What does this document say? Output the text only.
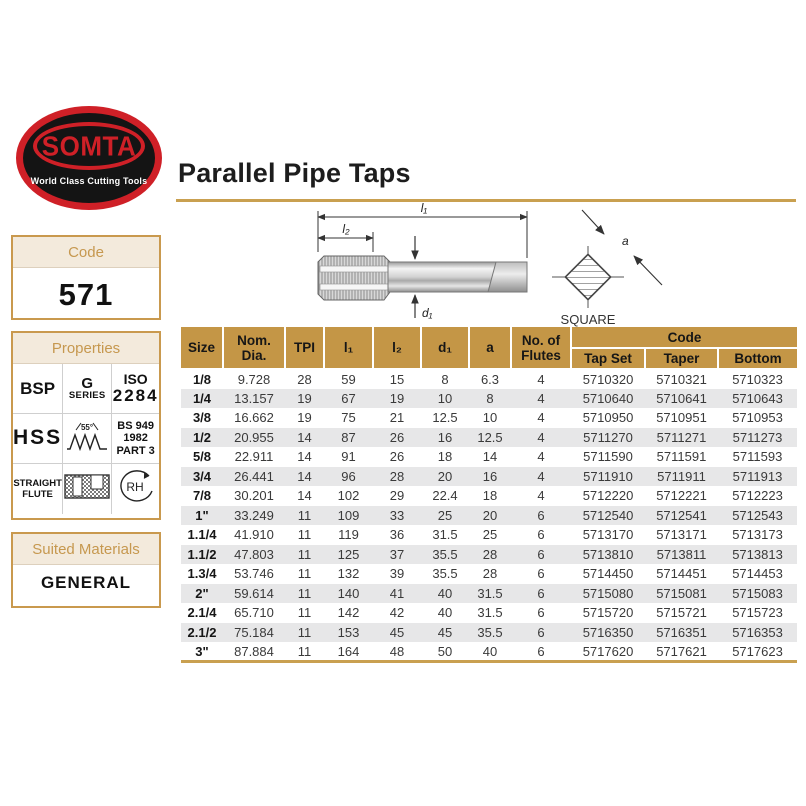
SOMTA
World Class Cutting Tools Parallel Pipe Taps
l₁
l₂
d₁
a
SQUARE
Code
571
Properties
BSP G
SERIES
ISO
2284
HSS 55° BS 949
1982
PART 3
STRAIGHT
FLUTE
RH
Suited Materials
GENERAL
Size	Nom. Dia.	TPI	l₁	l₂	d₁	a	No. of Flutes	Code		
								Tap Set	Taper	Bottom
1/8	9.728	28	59	15	8	6.3	4	5710320	5710321	5710323
1/4	13.157	19	67	19	10	8	4	5710640	5710641	5710643
3/8	16.662	19	75	21	12.5	10	4	5710950	5710951	5710953
1/2	20.955	14	87	26	16	12.5	4	5711270	5711271	5711273
5/8	22.911	14	91	26	18	14	4	5711590	5711591	5711593
3/4	26.441	14	96	28	20	16	4	5711910	5711911	5711913
7/8	30.201	14	102	29	22.4	18	4	5712220	5712221	5712223
1"	33.249	11	109	33	25	20	6	5712540	5712541	5712543
1.1/4	41.910	11	119	36	31.5	25	6	5713170	5713171	5713173
1.1/2	47.803	11	125	37	35.5	28	6	5713810	5713811	5713813
1.3/4	53.746	11	132	39	35.5	28	6	5714450	5714451	5714453
2"	59.614	11	140	41	40	31.5	6	5715080	5715081	5715083
2.1/4	65.710	11	142	42	40	31.5	6	5715720	5715721	5715723
2.1/2	75.184	11	153	45	45	35.5	6	5716350	5716351	5716353
3"	87.884	11	164	48	50	40	6	5717620	5717621	5717623
